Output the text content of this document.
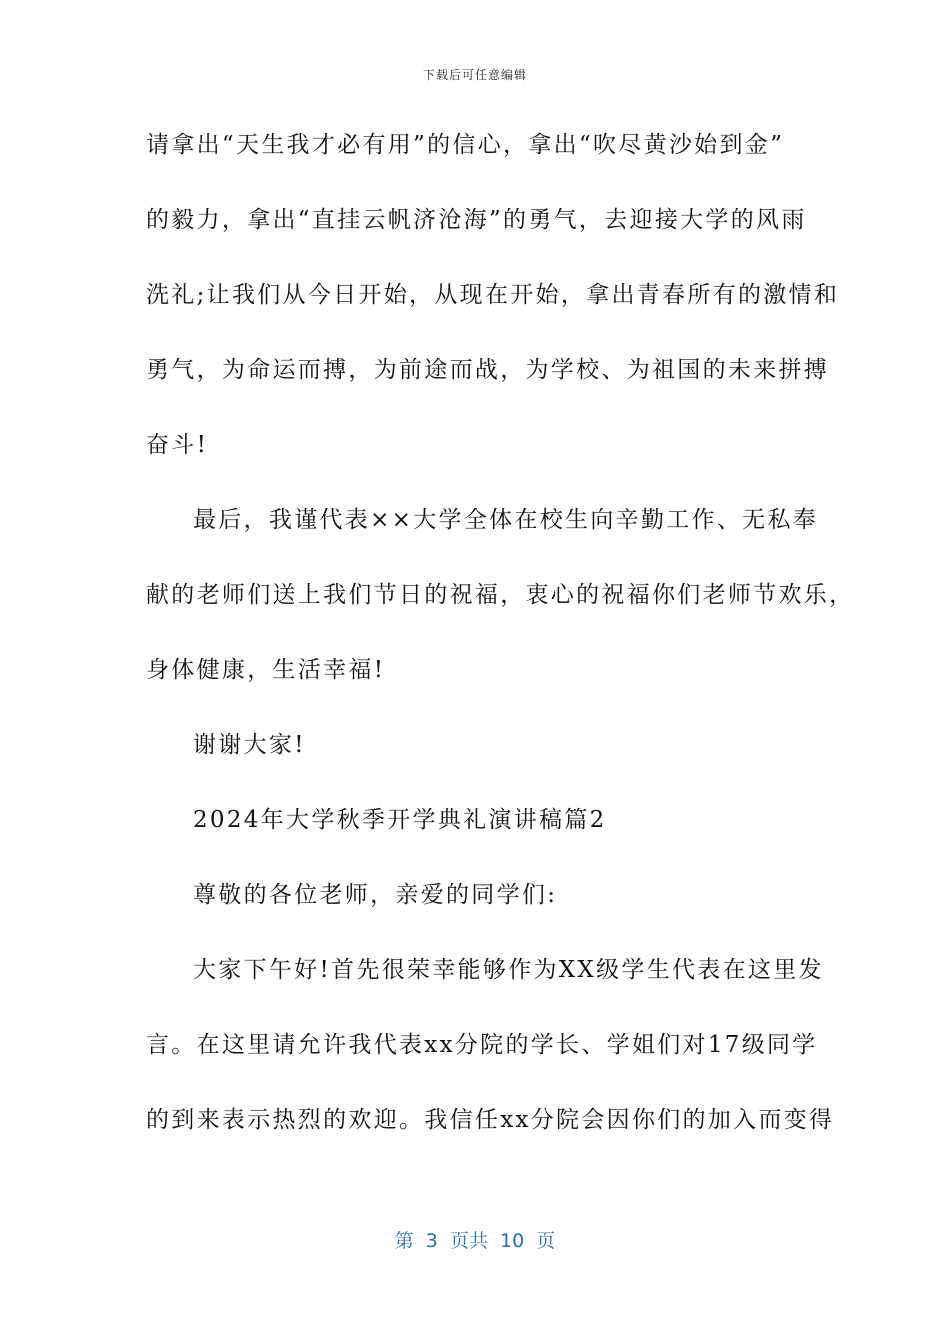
下载后可任意编辑
请拿出“天生我才必有用”的信心，拿出“吹尽黄沙始到金”
的毅力，拿出“直挂云帆济沧海”的勇气，去迎接大学的风雨
洗礼;让我们从今日开始，从现在开始，拿出青春所有的激情和
勇气，为命运而搏，为前途而战，为学校、为祖国的未来拼搏
奋斗!
最后，我谨代表××大学全体在校生向辛勤工作、无私奉
献的老师们送上我们节日的祝福，衷心的祝福你们老师节欢乐，
身体健康，生活幸福!
谢谢大家!
2024年大学秋季开学典礼演讲稿篇2
尊敬的各位老师，亲爱的同学们:
大家下午好!首先很荣幸能够作为XX级学生代表在这里发
言。在这里请允许我代表xx分院的学长、学姐们对17级同学
的到来表示热烈的欢迎。我信任xx分院会因你们的加入而变得
第  3  页共  10  页
